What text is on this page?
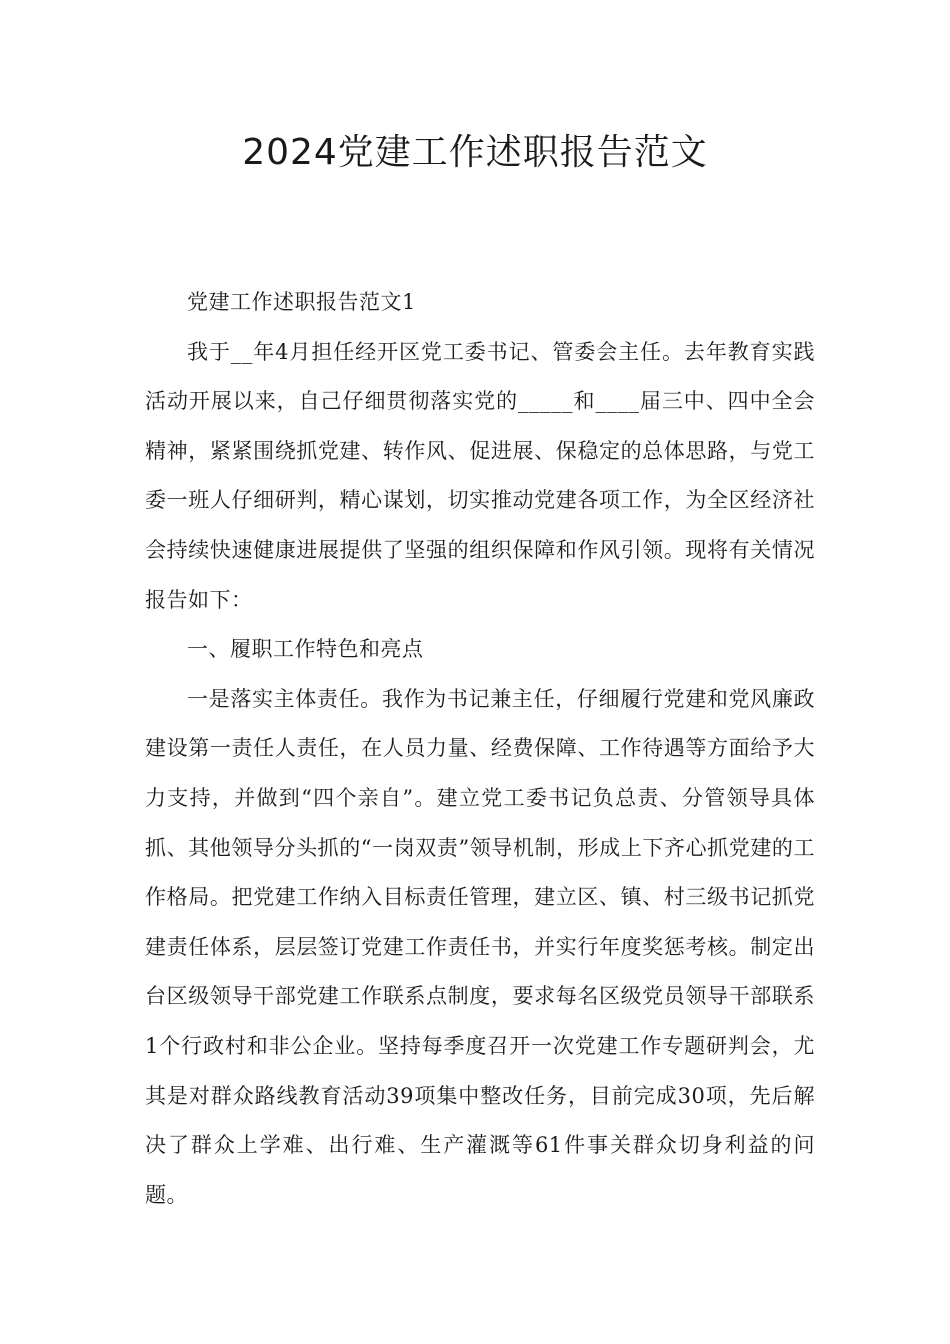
2024党建工作述职报告范文

党建工作述职报告范文1

我于__年4月担任经开区党工委书记、管委会主任。去年教育实践活动开展以来，自己仔细贯彻落实党的_____和____届三中、四中全会精神，紧紧围绕抓党建、转作风、促进展、保稳定的总体思路，与党工委一班人仔细研判，精心谋划，切实推动党建各项工作，为全区经济社会持续快速健康进展提供了坚强的组织保障和作风引领。现将有关情况报告如下：

一、履职工作特色和亮点

一是落实主体责任。我作为书记兼主任，仔细履行党建和党风廉政建设第一责任人责任，在人员力量、经费保障、工作待遇等方面给予大力支持，并做到“四个亲自”。建立党工委书记负总责、分管领导具体抓、其他领导分头抓的“一岗双责”领导机制，形成上下齐心抓党建的工作格局。把党建工作纳入目标责任管理，建立区、镇、村三级书记抓党建责任体系，层层签订党建工作责任书，并实行年度奖惩考核。制定出台区级领导干部党建工作联系点制度，要求每名区级党员领导干部联系1个行政村和非公企业。坚持每季度召开一次党建工作专题研判会，尤其是对群众路线教育活动39项集中整改任务，目前完成30项，先后解决了群众上学难、出行难、生产灌溉等61件事关群众切身利益的问题。
